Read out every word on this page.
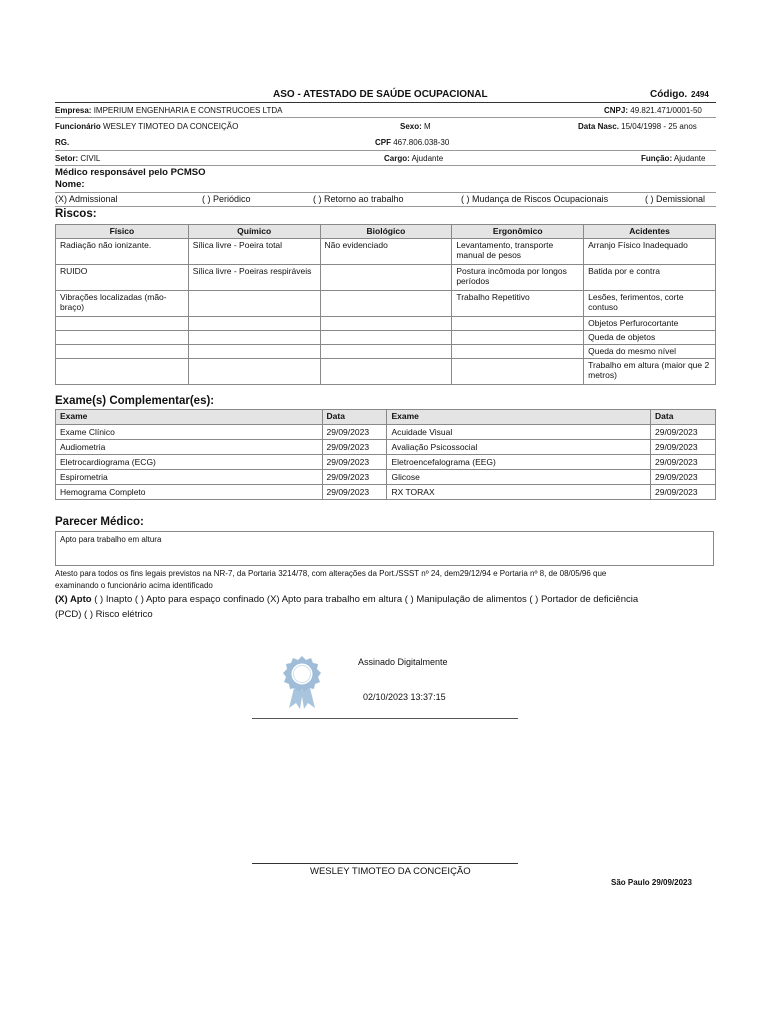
ASO - ATESTADO DE SAÚDE OCUPACIONAL	Código. 2494
Empresa: IMPERIUM ENGENHARIA E CONSTRUCOES LTDA	CNPJ: 49.821.471/0001-50
Funcionário WESLEY TIMOTEO DA CONCEIÇÃO	Sexo: M	Data Nasc. 15/04/1998 - 25 anos
RG.	CPF 467.806.038-30
Setor: CIVIL	Cargo: Ajudante	Função: Ajudante
Médico responsável pelo PCMSO
Nome:
(X) Admissional	( ) Periódico	( ) Retorno ao trabalho	( ) Mudança de Riscos Ocupacionais	( ) Demissional
Riscos:
Físico	Químico	Biológico	Ergonômico	Acidentes
Radiação não ionizante.	Sílica livre - Poeira total	Não evidenciado	Levantamento, transporte manual de pesos	Arranjo Físico Inadequado
RUIDO	Sílica livre - Poeiras respiráveis		Postura incômoda por longos períodos	Batida por e contra
Vibrações localizadas (mão-braço)			Trabalho Repetitivo	Lesões, ferimentos, corte contuso
				Objetos Perfurocortante
				Queda de objetos
				Queda do mesmo nível
				Trabalho em altura (maior que 2 metros)
Exame(s) Complementar(es):
Exame	Data	Exame	Data
Exame Clínico	29/09/2023	Acuidade Visual	29/09/2023
Audiometria	29/09/2023	Avaliação Psicossocial	29/09/2023
Eletrocardiograma (ECG)	29/09/2023	Eletroencefalograma (EEG)	29/09/2023
Espirometria	29/09/2023	Glicose	29/09/2023
Hemograma Completo	29/09/2023	RX TORAX	29/09/2023
Parecer Médico:
Apto para trabalho em altura
Atesto para todos os fins legais previstos na NR-7, da Portaria 3214/78, com alterações da Port./SSST nº 24, dem29/12/94 e Portaria nº 8, de 08/05/96 que
examinando o funcionário acima identificado
(X) Apto ( ) Inapto ( ) Apto para espaço confinado (X) Apto para trabalho em altura ( ) Manipulação de alimentos ( ) Portador de deficiência
(PCD) ( ) Risco elétrico
Assinado Digitalmente
02/10/2023 13:37:15
WESLEY TIMOTEO DA CONCEIÇÃO
São Paulo 29/09/2023
